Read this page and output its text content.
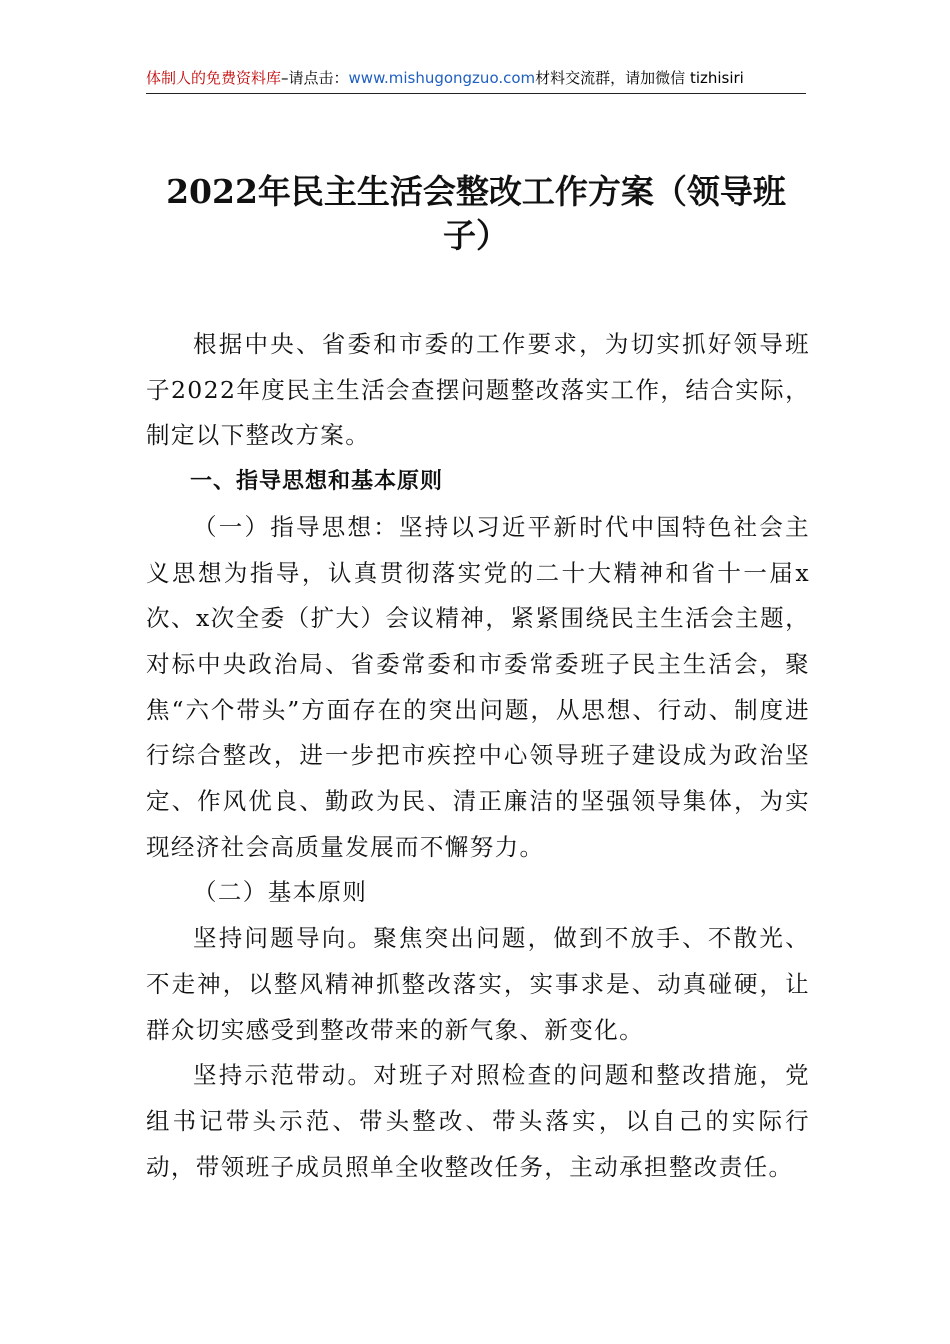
体制人的免费资料库–请点击：www.mishugongzuo.com材料交流群，请加微信 tizhisiri
2022年民主生活会整改工作方案（领导班子）

根据中央、省委和市委的工作要求，为切实抓好领导班子2022年度民主生活会查摆问题整改落实工作，结合实际，制定以下整改方案。

一、指导思想和基本原则

（一）指导思想：坚持以习近平新时代中国特色社会主义思想为指导，认真贯彻落实党的二十大精神和省十一届x次、x次全委（扩大）会议精神，紧紧围绕民主生活会主题，对标中央政治局、省委常委和市委常委班子民主生活会，聚焦“六个带头”方面存在的突出问题，从思想、行动、制度进行综合整改，进一步把市疾控中心领导班子建设成为政治坚定、作风优良、勤政为民、清正廉洁的坚强领导集体，为实现经济社会高质量发展而不懈努力。

（二）基本原则

坚持问题导向。聚焦突出问题，做到不放手、不散光、不走神，以整风精神抓整改落实，实事求是、动真碰硬，让群众切实感受到整改带来的新气象、新变化。

坚持示范带动。对班子对照检查的问题和整改措施，党组书记带头示范、带头整改、带头落实，以自己的实际行动，带领班子成员照单全收整改任务，主动承担整改责任。
